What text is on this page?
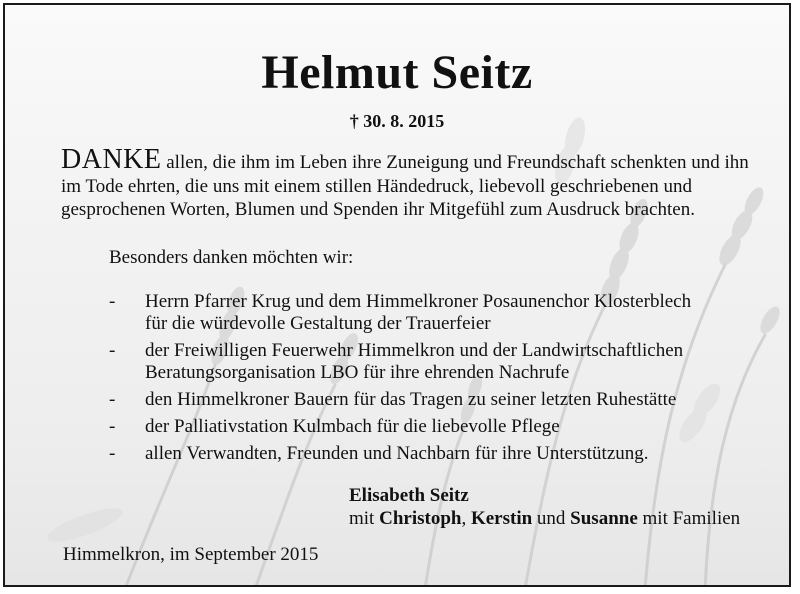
Helmut Seitz
† 30. 8. 2015
DANKE allen, die ihm im Leben ihre Zuneigung und Freundschaft schenkten und ihn im Tode ehrten, die uns mit einem stillen Händedruck, liebevoll geschriebenen und gesprochenen Worten, Blumen und Spenden ihr Mitgefühl zum Ausdruck brachten.
Besonders danken möchten wir:
- Herrn Pfarrer Krug und dem Himmelkroner Posaunenchor Klosterblech
für die würdevolle Gestaltung der Trauerfeier
- der Freiwilligen Feuerwehr Himmelkron und der Landwirtschaftlichen
Beratungsorganisation LBO für ihre ehrenden Nachrufe
- den Himmelkroner Bauern für das Tragen zu seiner letzten Ruhestätte
- der Palliativstation Kulmbach für die liebevolle Pflege
- allen Verwandten, Freunden und Nachbarn für ihre Unterstützung.
Elisabeth Seitz
mit Christoph, Kerstin und Susanne mit Familien
Himmelkron, im September 2015
